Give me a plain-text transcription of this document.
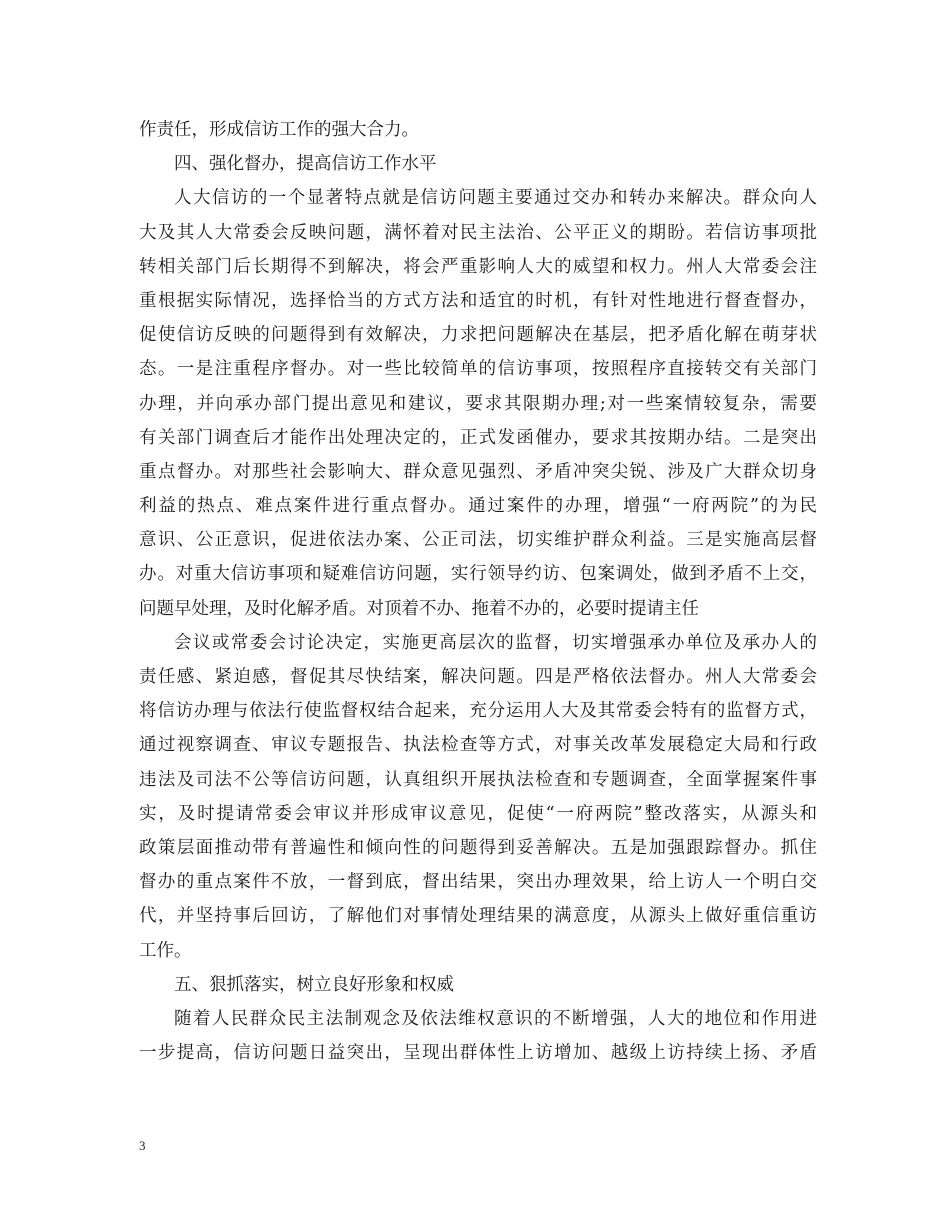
作责任，形成信访工作的强大合力。
四、强化督办，提高信访工作水平
人大信访的一个显著特点就是信访问题主要通过交办和转办来解决。群众向人
大及其人大常委会反映问题，满怀着对民主法治、公平正义的期盼。若信访事项批
转相关部门后长期得不到解决，将会严重影响人大的威望和权力。州人大常委会注
重根据实际情况，选择恰当的方式方法和适宜的时机，有针对性地进行督查督办，
促使信访反映的问题得到有效解决，力求把问题解决在基层，把矛盾化解在萌芽状
态。一是注重程序督办。对一些比较简单的信访事项，按照程序直接转交有关部门
办理，并向承办部门提出意见和建议，要求其限期办理;对一些案情较复杂，需要
有关部门调查后才能作出处理决定的，正式发函催办，要求其按期办结。二是突出
重点督办。对那些社会影响大、群众意见强烈、矛盾冲突尖锐、涉及广大群众切身
利益的热点、难点案件进行重点督办。通过案件的办理，增强“一府两院”的为民
意识、公正意识，促进依法办案、公正司法，切实维护群众利益。三是实施高层督
办。对重大信访事项和疑难信访问题，实行领导约访、包案调处，做到矛盾不上交，
问题早处理，及时化解矛盾。对顶着不办、拖着不办的，必要时提请主任
会议或常委会讨论决定，实施更高层次的监督，切实增强承办单位及承办人的
责任感、紧迫感，督促其尽快结案，解决问题。四是严格依法督办。州人大常委会
将信访办理与依法行使监督权结合起来，充分运用人大及其常委会特有的监督方式，
通过视察调查、审议专题报告、执法检查等方式，对事关改革发展稳定大局和行政
违法及司法不公等信访问题，认真组织开展执法检查和专题调查，全面掌握案件事
实，及时提请常委会审议并形成审议意见，促使“一府两院”整改落实，从源头和
政策层面推动带有普遍性和倾向性的问题得到妥善解决。五是加强跟踪督办。抓住
督办的重点案件不放，一督到底，督出结果，突出办理效果，给上访人一个明白交
代，并坚持事后回访，了解他们对事情处理结果的满意度，从源头上做好重信重访
工作。
五、狠抓落实，树立良好形象和权威
随着人民群众民主法制观念及依法维权意识的不断增强，人大的地位和作用进
一步提高，信访问题日益突出，呈现出群体性上访增加、越级上访持续上扬、矛盾
3
